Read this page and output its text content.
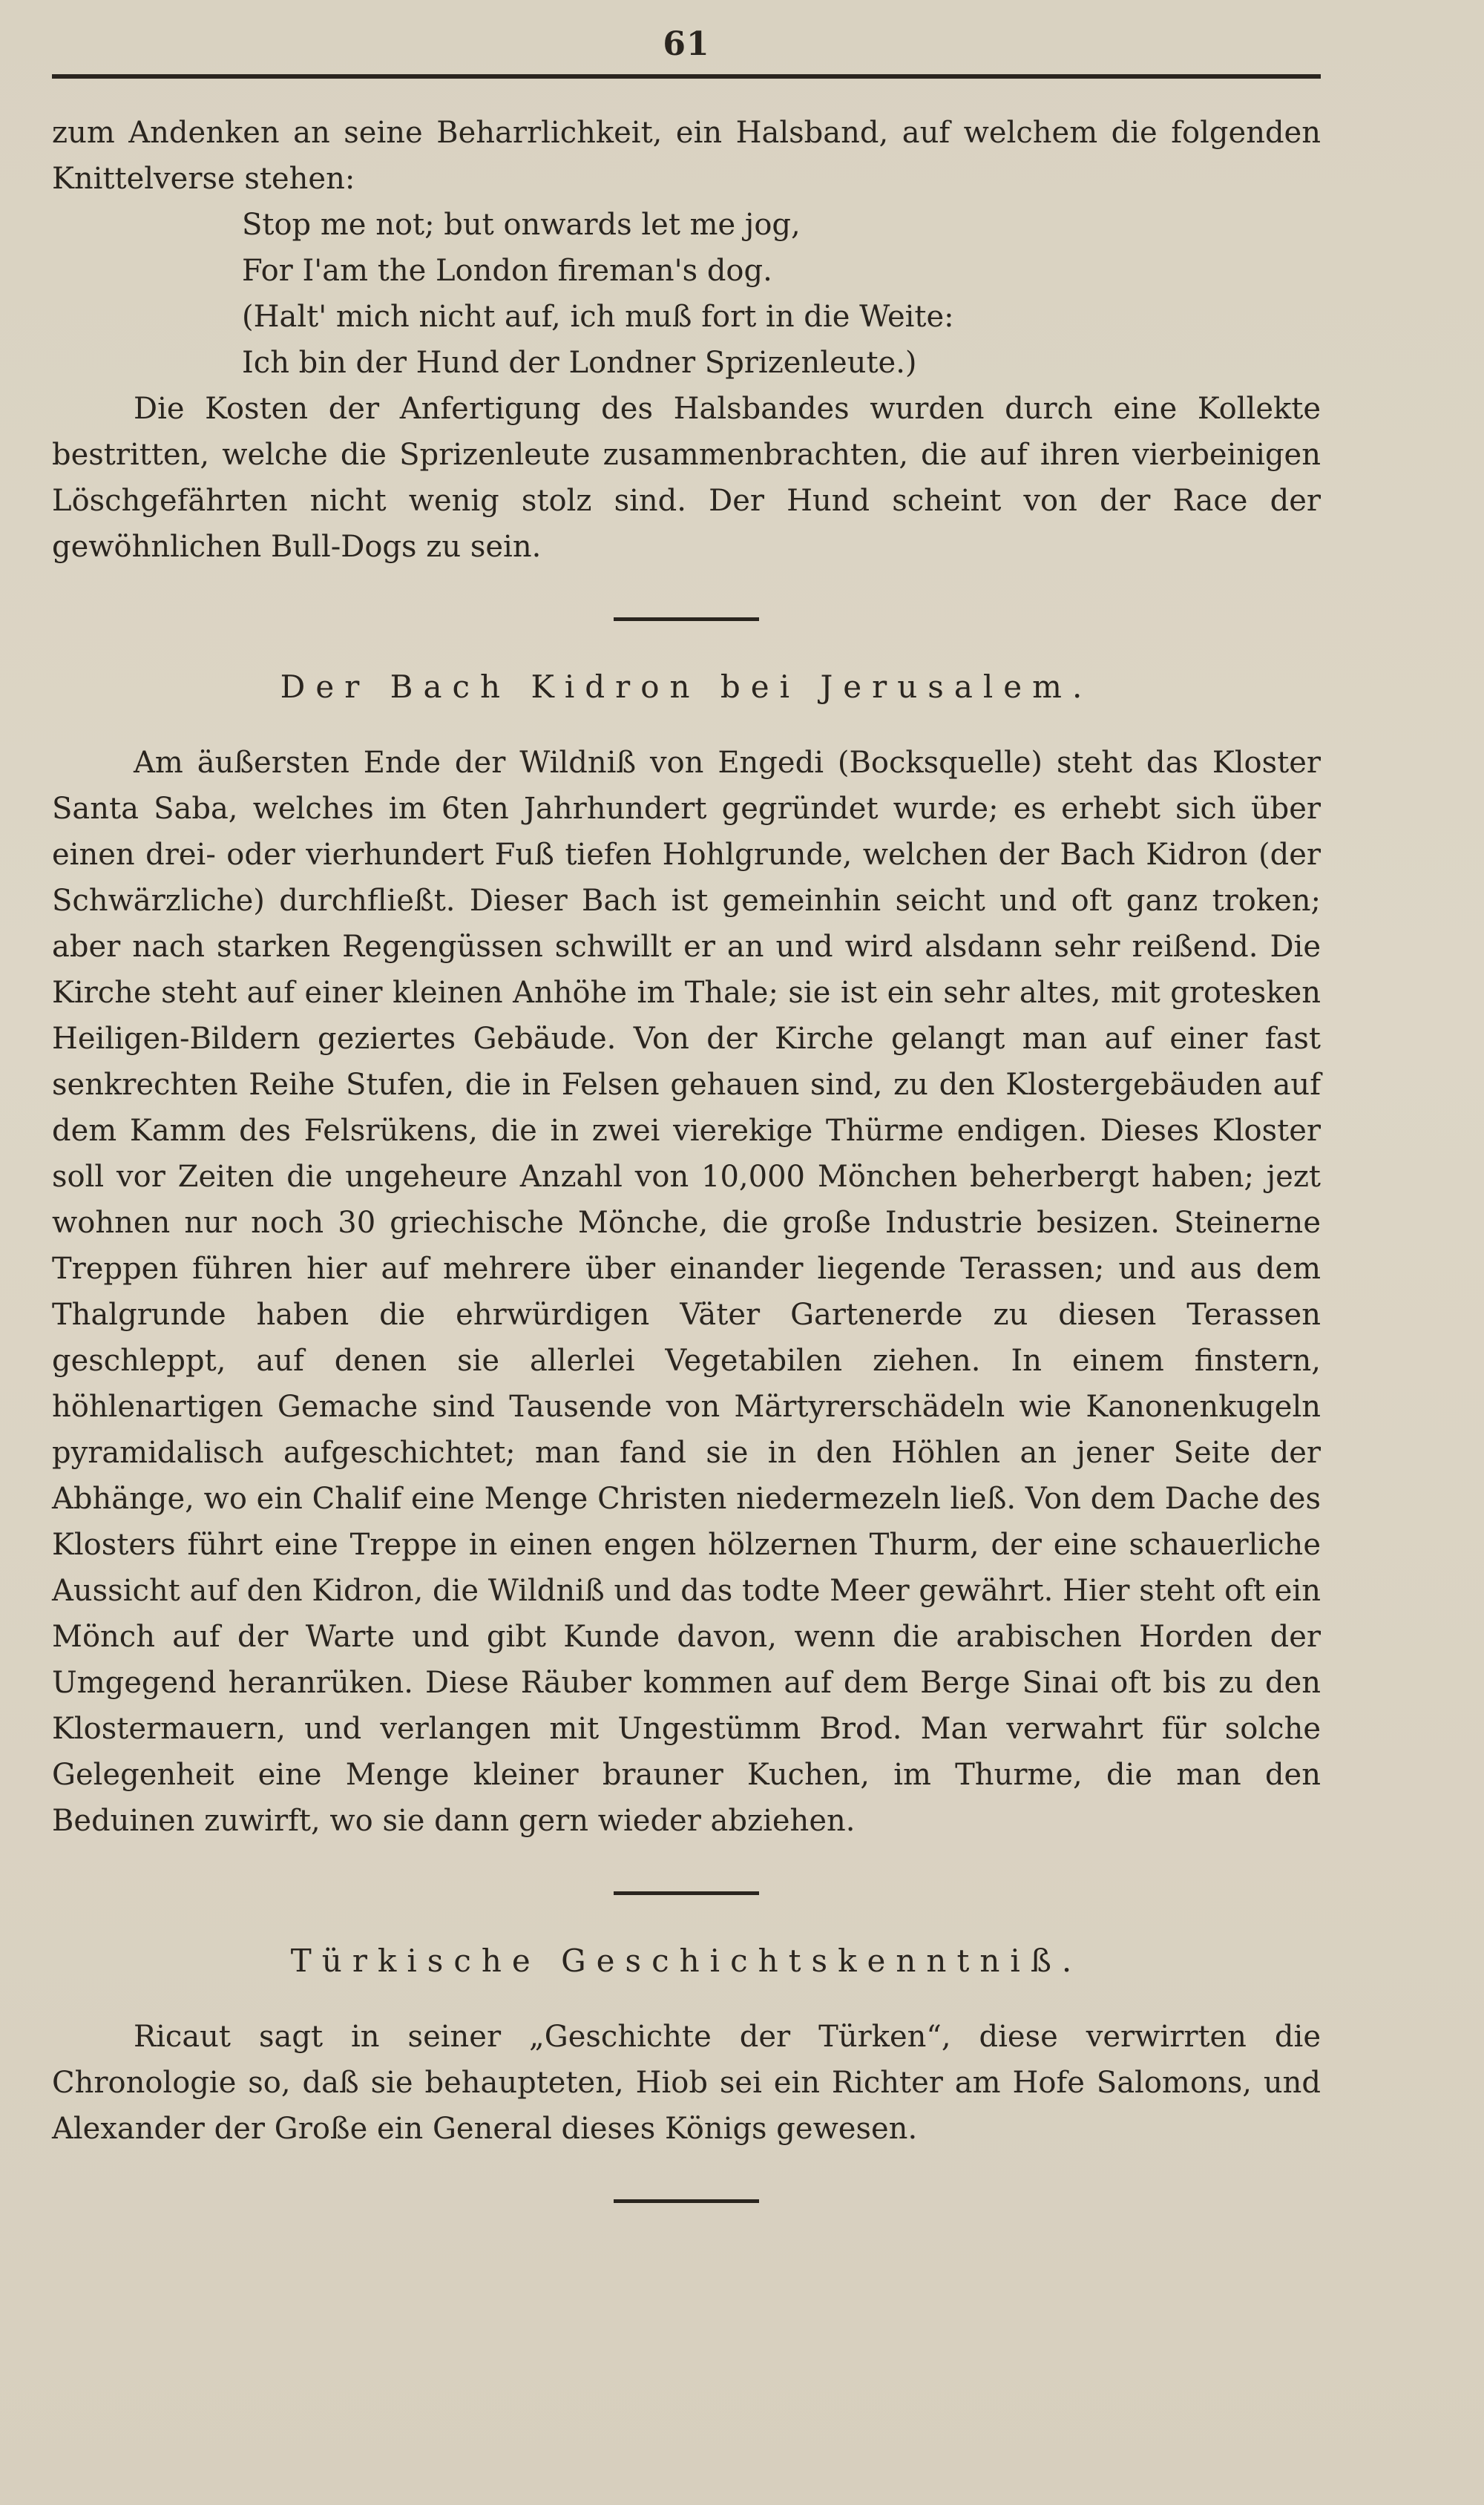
61

zum Andenken an seine Beharrlichkeit, ein Halsband, auf welchem die folgenden Knittelverse stehen:

Stop me not; but onwards let me jog,
For I'am the London fireman's dog.
(Halt' mich nicht auf, ich muß fort in die Weite:
Ich bin der Hund der Londner Sprizenleute.)

Die Kosten der Anfertigung des Halsbandes wurden durch eine Kollekte bestritten, welche die Sprizenleute zusammenbrachten, die auf ihren vierbeinigen Löschgefährten nicht wenig stolz sind. Der Hund scheint von der Race der gewöhnlichen Bull-Dogs zu sein.

Der Bach Kidron bei Jerusalem.

Am äußersten Ende der Wildniß von Engedi (Bocksquelle) steht das Kloster Santa Saba, welches im 6ten Jahrhundert gegründet wurde; es erhebt sich über einen drei- oder vierhundert Fuß tiefen Hohlgrunde, welchen der Bach Kidron (der Schwärzliche) durchfließt. Dieser Bach ist gemeinhin seicht und oft ganz troken; aber nach starken Regengüssen schwillt er an und wird alsdann sehr reißend. Die Kirche steht auf einer kleinen Anhöhe im Thale; sie ist ein sehr altes, mit grotesken Heiligen-Bildern geziertes Gebäude. Von der Kirche gelangt man auf einer fast senkrechten Reihe Stufen, die in Felsen gehauen sind, zu den Klostergebäuden auf dem Kamm des Felsrükens, die in zwei vierekige Thürme endigen. Dieses Kloster soll vor Zeiten die ungeheure Anzahl von 10,000 Mönchen beherbergt haben; jezt wohnen nur noch 30 griechische Mönche, die große Industrie besizen. Steinerne Treppen führen hier auf mehrere über einander liegende Terassen; und aus dem Thalgrunde haben die ehrwürdigen Väter Gartenerde zu diesen Terassen geschleppt, auf denen sie allerlei Vegetabilen ziehen. In einem finstern, höhlenartigen Gemache sind Tausende von Märtyrerschädeln wie Kanonenkugeln pyramidalisch aufgeschichtet; man fand sie in den Höhlen an jener Seite der Abhänge, wo ein Chalif eine Menge Christen niedermezeln ließ. Von dem Dache des Klosters führt eine Treppe in einen engen hölzernen Thurm, der eine schauerliche Aussicht auf den Kidron, die Wildniß und das todte Meer gewährt. Hier steht oft ein Mönch auf der Warte und gibt Kunde davon, wenn die arabischen Horden der Umgegend heranrüken. Diese Räuber kommen auf dem Berge Sinai oft bis zu den Klostermauern, und verlangen mit Ungestümm Brod. Man verwahrt für solche Gelegenheit eine Menge kleiner brauner Kuchen, im Thurme, die man den Beduinen zuwirft, wo sie dann gern wieder abziehen.

Türkische Geschichtskenntniß.

Ricaut sagt in seiner „Geschichte der Türken“, diese verwirrten die Chronologie so, daß sie behaupteten, Hiob sei ein Richter am Hofe Salomons, und Alexander der Große ein General dieses Königs gewesen.
